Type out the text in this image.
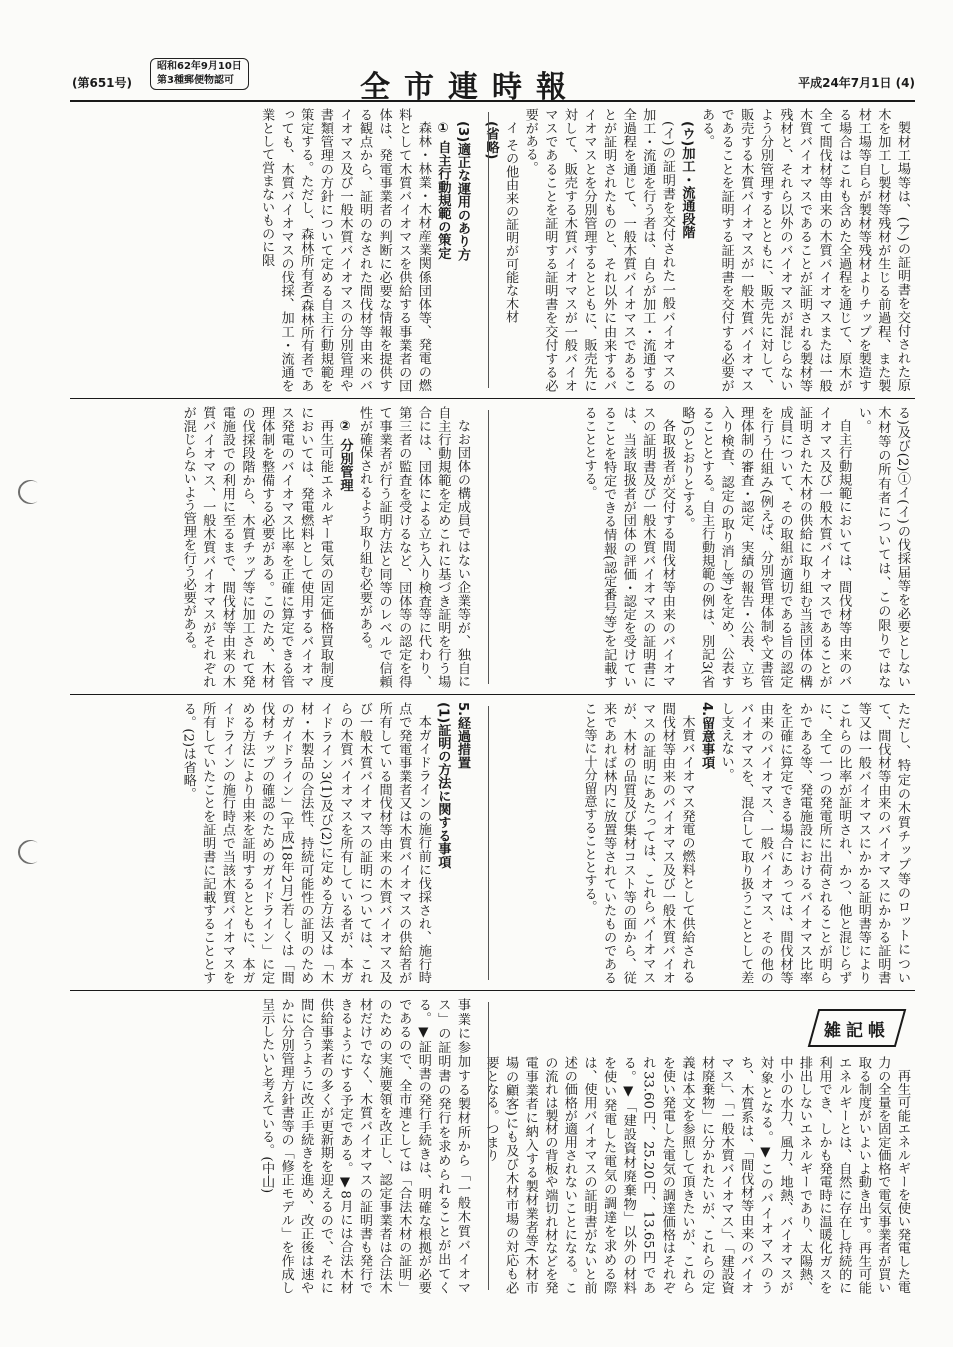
(第651号)
昭和62年9月10日
第3種郵便物認可	全市連時報	平成24年7月1日 (4)

製材工場等は、(ア)の証明書を交付された原木を加工し製材等残材が生じる前過程、また製材工場等自らが製材等残材よりチップを製造する場合はこれも含めた全過程を通じて、原木が全て間伐材等由来の木質バイオマスまたは一般木質バイオマスであることが証明される製材等残材と、それら以外のバイオマスが混じらないよう分別管理するとともに、販売先に対して、販売する木質バイオマスが一般木質バイオマスであることを証明する証明書を交付する必要がある。

(ウ)加工・流通段階

(イ)の証明書を交付された一般バイオマスの加工・流通を行う者は、自らが加工・流通する全過程を通じて、一般木質バイオマスであることが証明されたものと、それ以外に由来するバイオマスとを分別管理するとともに、販売先に対して、販売する木質バイオマスが一般バイオマスであることを証明する証明書を交付する必要がある。

イ その他由来の証明が可能な木材

(省略)

(3)適正な運用のあり方

① 自主行動規範の策定

森林・林業・木材産業関係団体等、発電の燃料として木質バイオマスを供給する事業者の団体は、発電事業者の判断に必要な情報を提供する観点から、証明のなされた間伐材等由来のバイオマス及び一般木質バイオマスの分別管理や書類管理の方針について定める自主行動規範を策定する。ただし、森林所有者(森林所有者であっても、木質バイオマスの伐採、加工・流通を業として営まないものに限

る)及び(2)①イ(イ)の伐採届等を必要としない木材等の所有者については、この限りではない。

自主行動規範においては、間伐材等由来のバイオマス及び一般木質バイオマスであることが証明された木材の供給に取り組む当該団体の構成員について、その取組が適切である旨の認定を行う仕組み(例えば、分別管理体制や文書管理体制の審査・認定、実績の報告・公表、立ち入り検査、認定の取り消し等)を定め、公表することとする。自主行動規範の例は、別記3(省略)のとおりとする。

各取扱者が交付する間伐材等由来のバイオマスの証明書及び一般木質バイオマスの証明書には、当該取扱者が団体の評価・認定を受けていることを特定できる情報(認定番号等)を記載することとする。

なお団体の構成員ではない企業等が、独自に自主行動規範を定めこれに基づき証明を行う場合には、団体による立ち入り検査等に代わり、第三者の監査を受けるなど、団体等の認定を得て事業者が行う証明方法と同等のレベルで信頼性が確保されるよう取り組む必要がある。

② 分別管理

再生可能エネルギー電気の固定価格買取制度においては、発電燃料として使用するバイオマス発電のバイオマス比率を正確に算定できる管理体制を整備する必要がある。このため、木材の伐採段階から、木質チップ等に加工されて発電施設での利用に至るまで、間伐材等由来の木質バイオマス、一般木質バイオマスがそれぞれが混じらないよう管理を行う必要がある。

ただし、特定の木質チップ等のロットについて、間伐材等由来のバイオマスにかかる証明書等又は一般バイオマスにかかる証明書等によりこれらの比率が証明され、かつ、他と混じらずに、全て一つの発電所に出荷されることが明らかである等、発電施設におけるバイオマス比率を正確に算定できる場合にあっては、間伐材等由来のバイオマス、一般バイオマス、その他のバイオマスを、混合して取り扱うこととして差し支えない。

4.留意事項

木質バイオマス発電の燃料として供給される間伐材等由来のバイオマス及び一般木質バイオマスの証明にあたっては、これらバイオマスが、木材の品質及び集材コスト等の面から、従来であれば林内に放置等されていたものであること等に十分留意することとする。

5.経過措置

(1)証明の方法に関する事項

本ガイドラインの施行前に伐採され、施行時点で発電事業者又は木質バイオマスの供給者が所有している間伐材等由来の木質バイオマス及び一般木質バイオマスの証明については、これらの木質バイオマスを所有している者が、本ガイドライン3(1)及び(2)に定める方法又は「木材・木製品の合法性、持続可能性の証明のためのガイドライン」(平成18年2月)若しくは「間伐材チップの確認のためのガイドライン」に定める方法により由来を証明するとともに、本ガイドラインの施行時点で当該木質バイオマスを所有していたことを証明書に記載することとする。(2)は省略。

雑記帳

再生可能エネルギーを使い発電した電力の全量を固定価格で電気事業者が買い取る制度がいよいよ動き出す。再生可能エネルギーとは、自然に存在し持続的に利用でき、しかも発電時に温暖化ガスを排出しないエネルギーであり、太陽熱、中小の水力、風力、地熱、バイオマスが対象となる。▼このバイオマスのうち、木質系は、「間伐材等由来のバイオマス」、「一般木質バイオマス」、「建設資材廃棄物」に分かれたいが、これらの定義は本文を参照して頂きたいが、これらを使い発電した電気の調達価格はそれぞれ33.60円、25.20円、13.65円である。▼「建設資材廃棄物」以外の材料を使い発電した電気の調達を求める際は、使用バイオマスの証明書がないと前述の価格が適用されないことになる。この流れは製材の背板や端切れ材などを発電事業者に納入する製材業者等(木材市場の顧客)にも及び木材市場の対応も必要となる。つまり

事業に参加する製材所から「一般木質バイオマス」の証明書の発行を求められることが出てくる。▼証明書の発行手続きは、明確な根拠が必要であるので、全市連としては「合法木材の証明」のための実施要領を改正し、認定事業者は合法木材だけでなく、木質バイオマスの証明書も発行できるようにする予定である。▼8月には合法木材供給事業者の多くが更新期を迎えるので、それに間に合うように改正手続きを進め、改正後は速やかに分別管理方針書等の「修正モデル」を作成し呈示したいと考えている。(中山)
